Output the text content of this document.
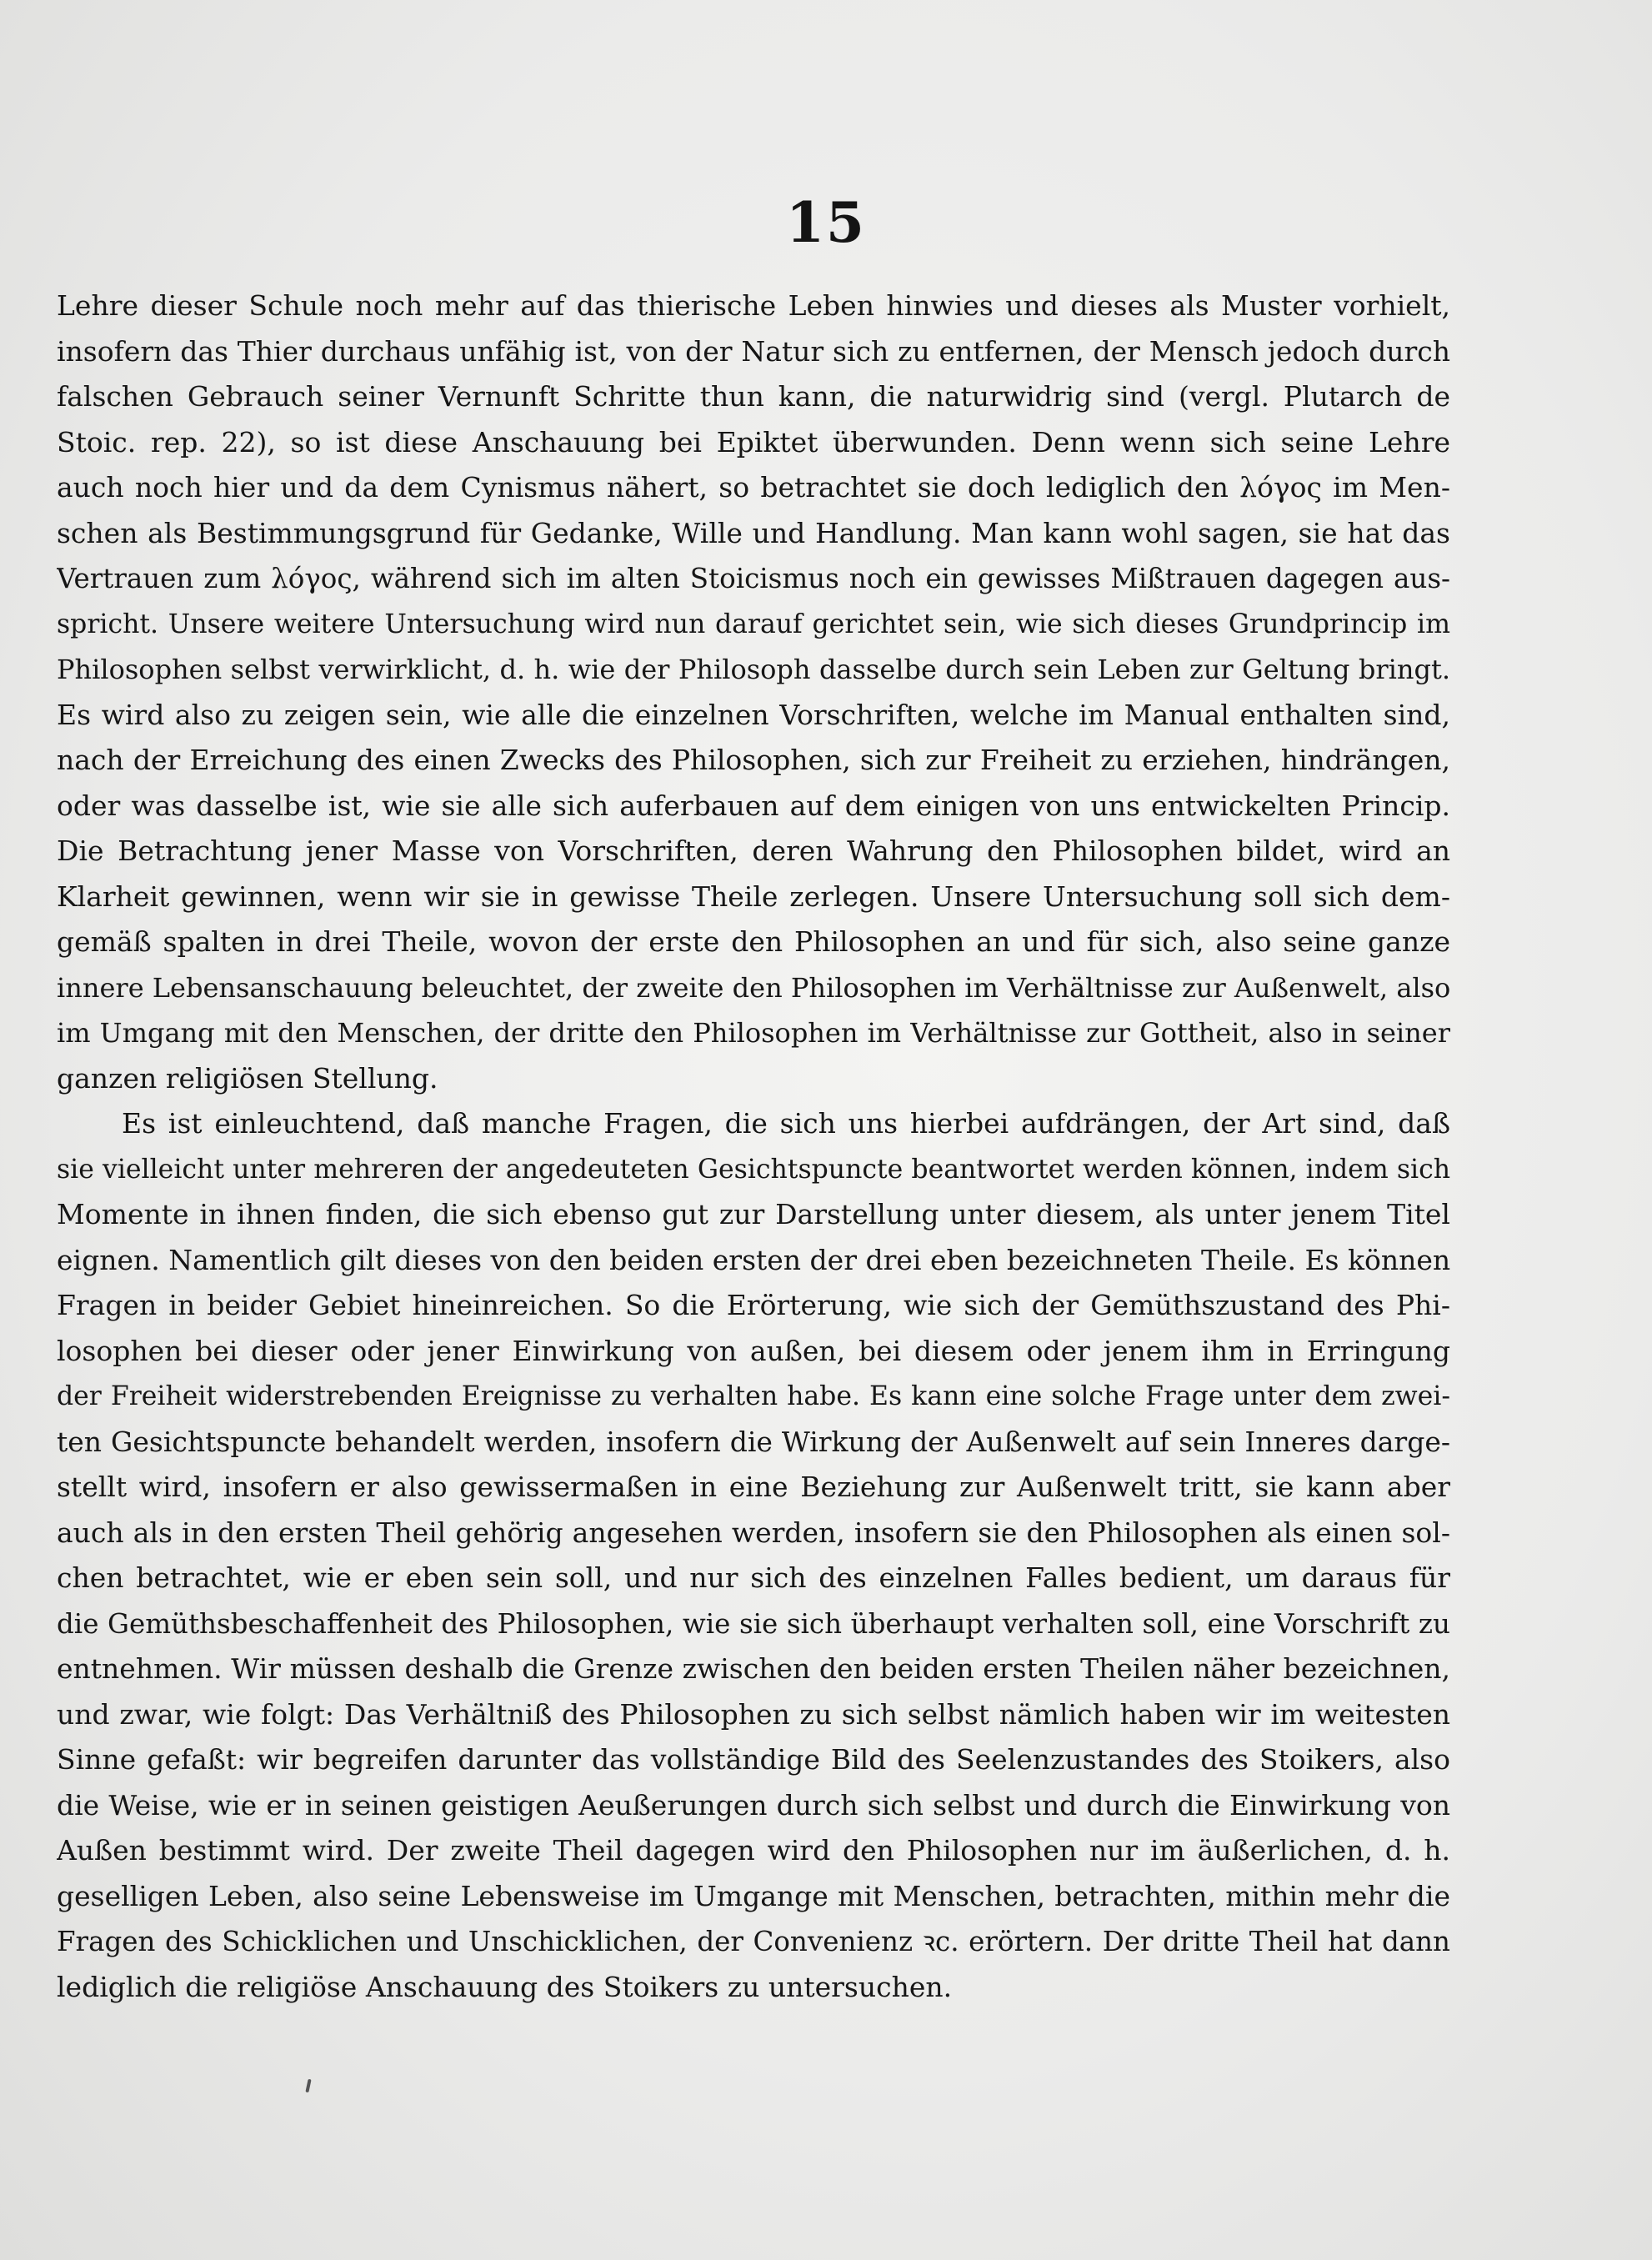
15
Lehre dieser Schule noch mehr auf das thierische Leben hinwies und dieses als Muster vorhielt,
insofern das Thier durchaus unfähig ist, von der Natur sich zu entfernen, der Mensch jedoch durch
falschen Gebrauch seiner Vernunft Schritte thun kann, die naturwidrig sind (vergl. Plutarch de
Stoic. rep. 22), so ist diese Anschauung bei Epiktet überwunden. Denn wenn sich seine Lehre
auch noch hier und da dem Cynismus nähert, so betrachtet sie doch lediglich den λόγος im Men-
schen als Bestimmungsgrund für Gedanke, Wille und Handlung. Man kann wohl sagen, sie hat das
Vertrauen zum λόγος, während sich im alten Stoicismus noch ein gewisses Mißtrauen dagegen aus-
spricht. Unsere weitere Untersuchung wird nun darauf gerichtet sein, wie sich dieses Grundprincip im
Philosophen selbst verwirklicht, d. h. wie der Philosoph dasselbe durch sein Leben zur Geltung bringt.
Es wird also zu zeigen sein, wie alle die einzelnen Vorschriften, welche im Manual enthalten sind,
nach der Erreichung des einen Zwecks des Philosophen, sich zur Freiheit zu erziehen, hindrängen,
oder was dasselbe ist, wie sie alle sich auferbauen auf dem einigen von uns entwickelten Princip.
Die Betrachtung jener Masse von Vorschriften, deren Wahrung den Philosophen bildet, wird an
Klarheit gewinnen, wenn wir sie in gewisse Theile zerlegen. Unsere Untersuchung soll sich dem-
gemäß spalten in drei Theile, wovon der erste den Philosophen an und für sich, also seine ganze
innere Lebensanschauung beleuchtet, der zweite den Philosophen im Verhältnisse zur Außenwelt, also
im Umgang mit den Menschen, der dritte den Philosophen im Verhältnisse zur Gottheit, also in seiner
ganzen religiösen Stellung.
Es ist einleuchtend, daß manche Fragen, die sich uns hierbei aufdrängen, der Art sind, daß
sie vielleicht unter mehreren der angedeuteten Gesichtspuncte beantwortet werden können, indem sich
Momente in ihnen finden, die sich ebenso gut zur Darstellung unter diesem, als unter jenem Titel
eignen. Namentlich gilt dieses von den beiden ersten der drei eben bezeichneten Theile. Es können
Fragen in beider Gebiet hineinreichen. So die Erörterung, wie sich der Gemüthszustand des Phi-
losophen bei dieser oder jener Einwirkung von außen, bei diesem oder jenem ihm in Erringung
der Freiheit widerstrebenden Ereignisse zu verhalten habe. Es kann eine solche Frage unter dem zwei-
ten Gesichtspuncte behandelt werden, insofern die Wirkung der Außenwelt auf sein Inneres darge-
stellt wird, insofern er also gewissermaßen in eine Beziehung zur Außenwelt tritt, sie kann aber
auch als in den ersten Theil gehörig angesehen werden, insofern sie den Philosophen als einen sol-
chen betrachtet, wie er eben sein soll, und nur sich des einzelnen Falles bedient, um daraus für
die Gemüthsbeschaffenheit des Philosophen, wie sie sich überhaupt verhalten soll, eine Vorschrift zu
entnehmen. Wir müssen deshalb die Grenze zwischen den beiden ersten Theilen näher bezeichnen,
und zwar, wie folgt: Das Verhältniß des Philosophen zu sich selbst nämlich haben wir im weitesten
Sinne gefaßt: wir begreifen darunter das vollständige Bild des Seelenzustandes des Stoikers, also
die Weise, wie er in seinen geistigen Aeußerungen durch sich selbst und durch die Einwirkung von
Außen bestimmt wird. Der zweite Theil dagegen wird den Philosophen nur im äußerlichen, d. h.
geselligen Leben, also seine Lebensweise im Umgange mit Menschen, betrachten, mithin mehr die
Fragen des Schicklichen und Unschicklichen, der Convenienz ꝛc. erörtern. Der dritte Theil hat dann
lediglich die religiöse Anschauung des Stoikers zu untersuchen.
